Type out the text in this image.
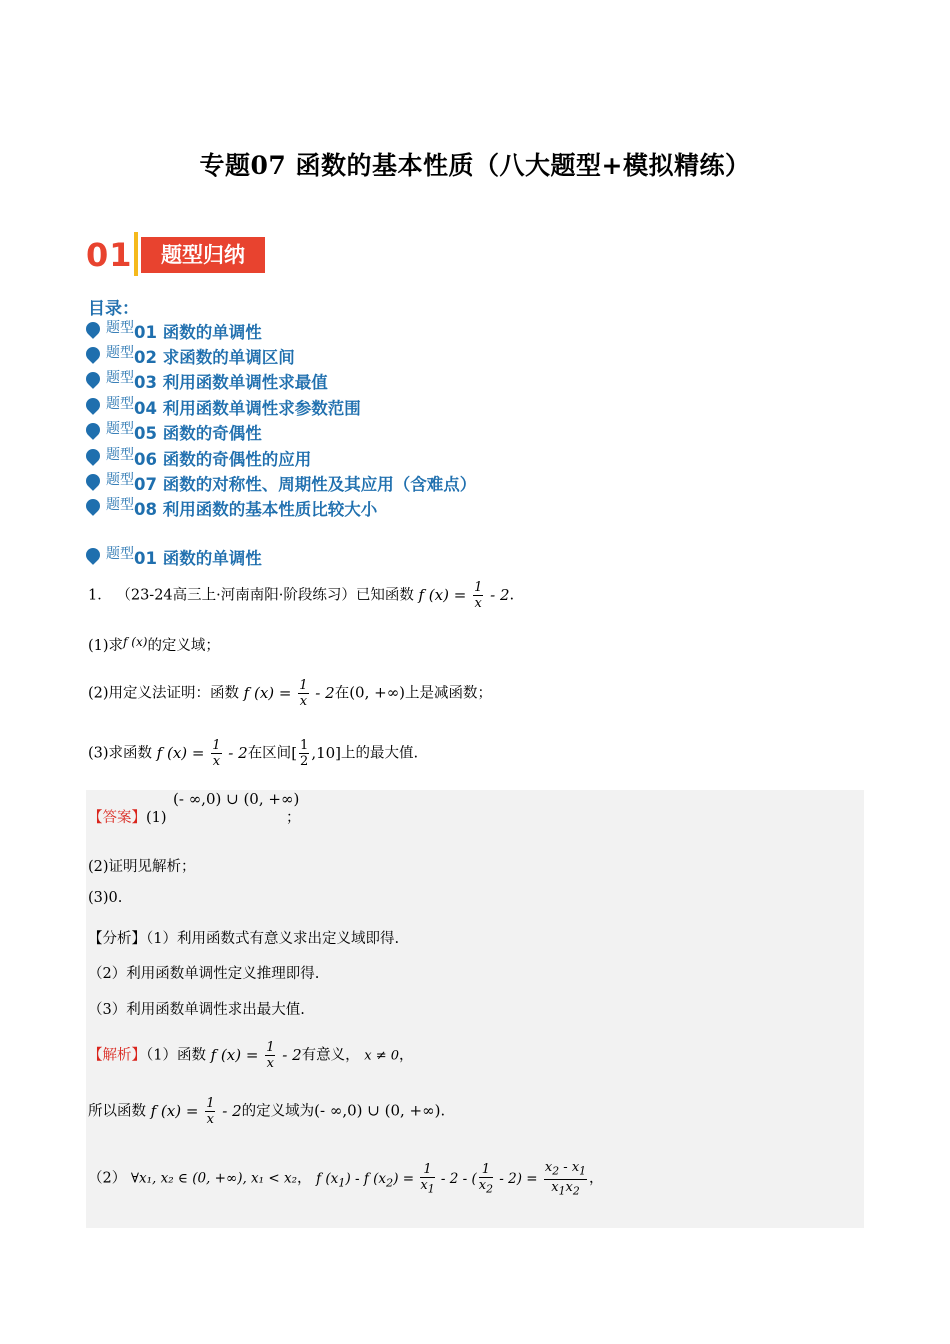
专题07 函数的基本性质（八大题型+模拟精练）
01	题型归纳
目录：
题型 01 函数的单调性
题型 02 求函数的单调区间
题型 03 利用函数单调性求最值
题型 04 利用函数单调性求参数范围
题型 05 函数的奇偶性
题型 06 函数的奇偶性的应用
题型 07 函数的对称性、周期性及其应用（含难点）
题型 08 利用函数的基本性质比较大小
题型 01 函数的单调性
1． （23-24高三上·河南南阳·阶段练习）已知函数 f $(x) = \frac{1}{x} - 2$.
(1)求$^{f (x)}$的定义域；
(2)用定义法证明：函数 f $(x) = \frac{1}{x} - 2$在(0, +∞)上是减函数；
(3)求函数 f $(x) = \frac{1}{x} - 2$在区间[ $\frac{1}{2} ,10$]上的最大值.
【答案】(1)
(- ∞,0) ∪ (0, +∞)
；
(2)证明见解析；
(3)0.
【分析】（1）利用函数式有意义求出定义域即得.
（2）利用函数单调性定义推理即得.
（3）利用函数单调性求出最大值.
【解析】（1）函数 f $(x) = \frac{1}{x} - 2$有意义， x ≠ 0，
所以函数 f $(x) = \frac{1}{x} - 2$的定义域为(- ∞,0) ∪ (0, +∞).
（2） ∀x₁, x₂ ∈ (0, +∞), x₁ < x₂， f $(x_1)$ - f $(x_2) = \frac{1}{x_1} - 2$ - ( $\frac{1}{x_2} - 2) = \frac{x_2 - x_1}{x_1x_2}$ ，
